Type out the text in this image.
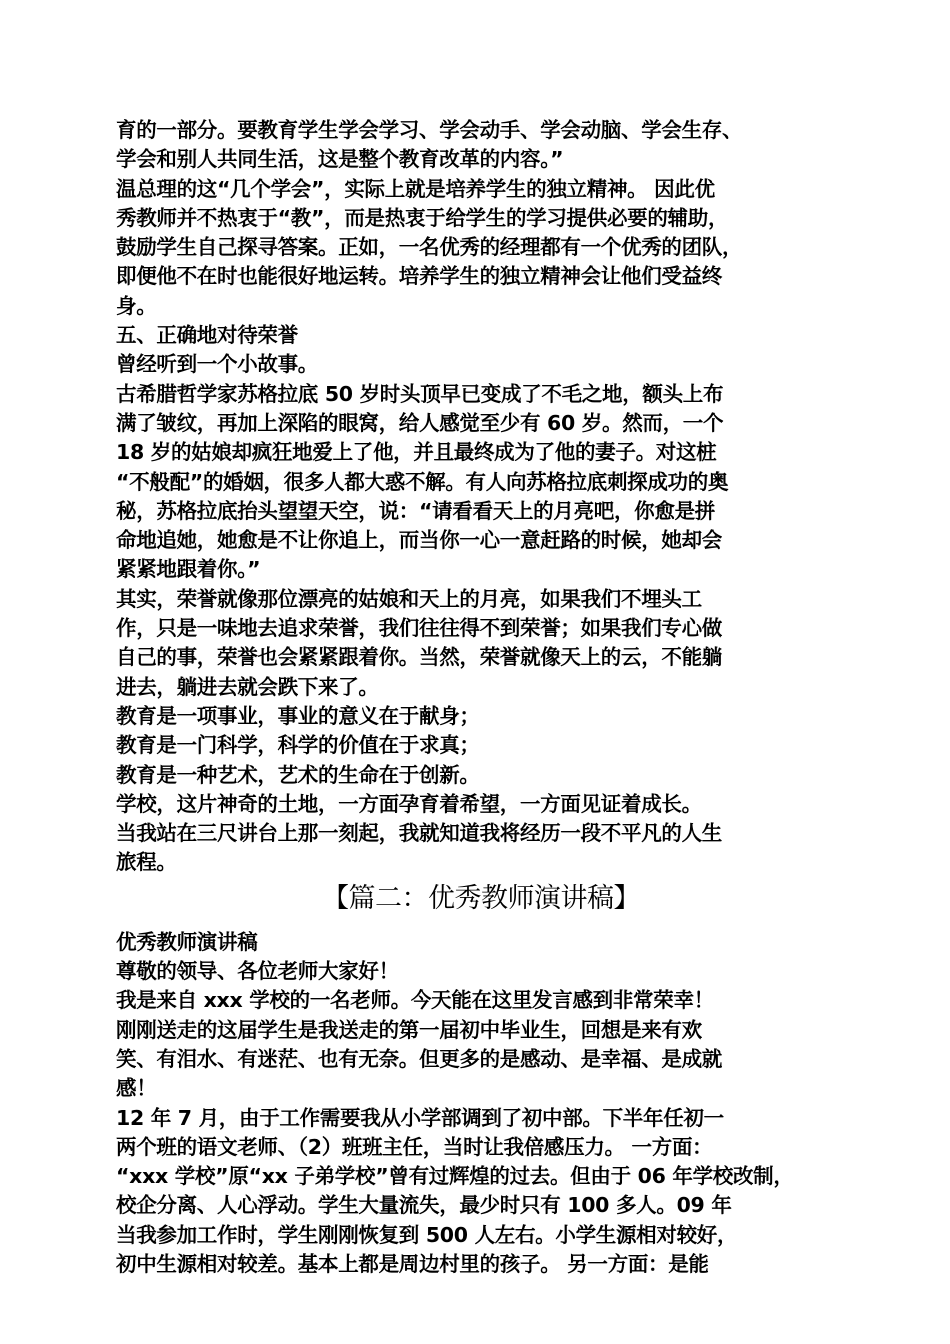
育的一部分。要教育学生学会学习、学会动手、学会动脑、学会生存、
学会和别人共同生活，这是整个教育改革的内容。”
温总理的这“几个学会”，实际上就是培养学生的独立精神。 因此优
秀教师并不热衷于“教”，而是热衷于给学生的学习提供必要的辅助，
鼓励学生自己探寻答案。正如，一名优秀的经理都有一个优秀的团队，
即便他不在时也能很好地运转。培养学生的独立精神会让他们受益终
身。
五、正确地对待荣誉
曾经听到一个小故事。
古希腊哲学家苏格拉底 50 岁时头顶早已变成了不毛之地，额头上布
满了皱纹，再加上深陷的眼窝，给人感觉至少有 60 岁。然而，一个
18 岁的姑娘却疯狂地爱上了他，并且最终成为了他的妻子。对这桩
“不般配”的婚姻，很多人都大惑不解。有人向苏格拉底刺探成功的奥
秘，苏格拉底抬头望望天空，说：“请看看天上的月亮吧，你愈是拼
命地追她，她愈是不让你追上，而当你一心一意赶路的时候，她却会
紧紧地跟着你。”
其实，荣誉就像那位漂亮的姑娘和天上的月亮，如果我们不埋头工
作，只是一味地去追求荣誉，我们往往得不到荣誉；如果我们专心做
自己的事，荣誉也会紧紧跟着你。当然，荣誉就像天上的云，不能躺
进去，躺进去就会跌下来了。
教育是一项事业，事业的意义在于献身；
教育是一门科学，科学的价值在于求真；
教育是一种艺术，艺术的生命在于创新。
学校，这片神奇的土地，一方面孕育着希望，一方面见证着成长。
当我站在三尺讲台上那一刻起，我就知道我将经历一段不平凡的人生
旅程。
【篇二：优秀教师演讲稿】
优秀教师演讲稿
尊敬的领导、各位老师大家好！
我是来自 xxx 学校的一名老师。今天能在这里发言感到非常荣幸！
刚刚送走的这届学生是我送走的第一届初中毕业生，回想是来有欢
笑、有泪水、有迷茫、也有无奈。但更多的是感动、是幸福、是成就
感！
12 年 7 月，由于工作需要我从小学部调到了初中部。下半年任初一
两个班的语文老师、（2）班班主任，当时让我倍感压力。 一方面：
“xxx 学校”原“xx 子弟学校”曾有过辉煌的过去。但由于 06 年学校改制，
校企分离、人心浮动。学生大量流失，最少时只有 100 多人。09 年
当我参加工作时，学生刚刚恢复到 500 人左右。小学生源相对较好，
初中生源相对较差。基本上都是周边村里的孩子。 另一方面：是能
